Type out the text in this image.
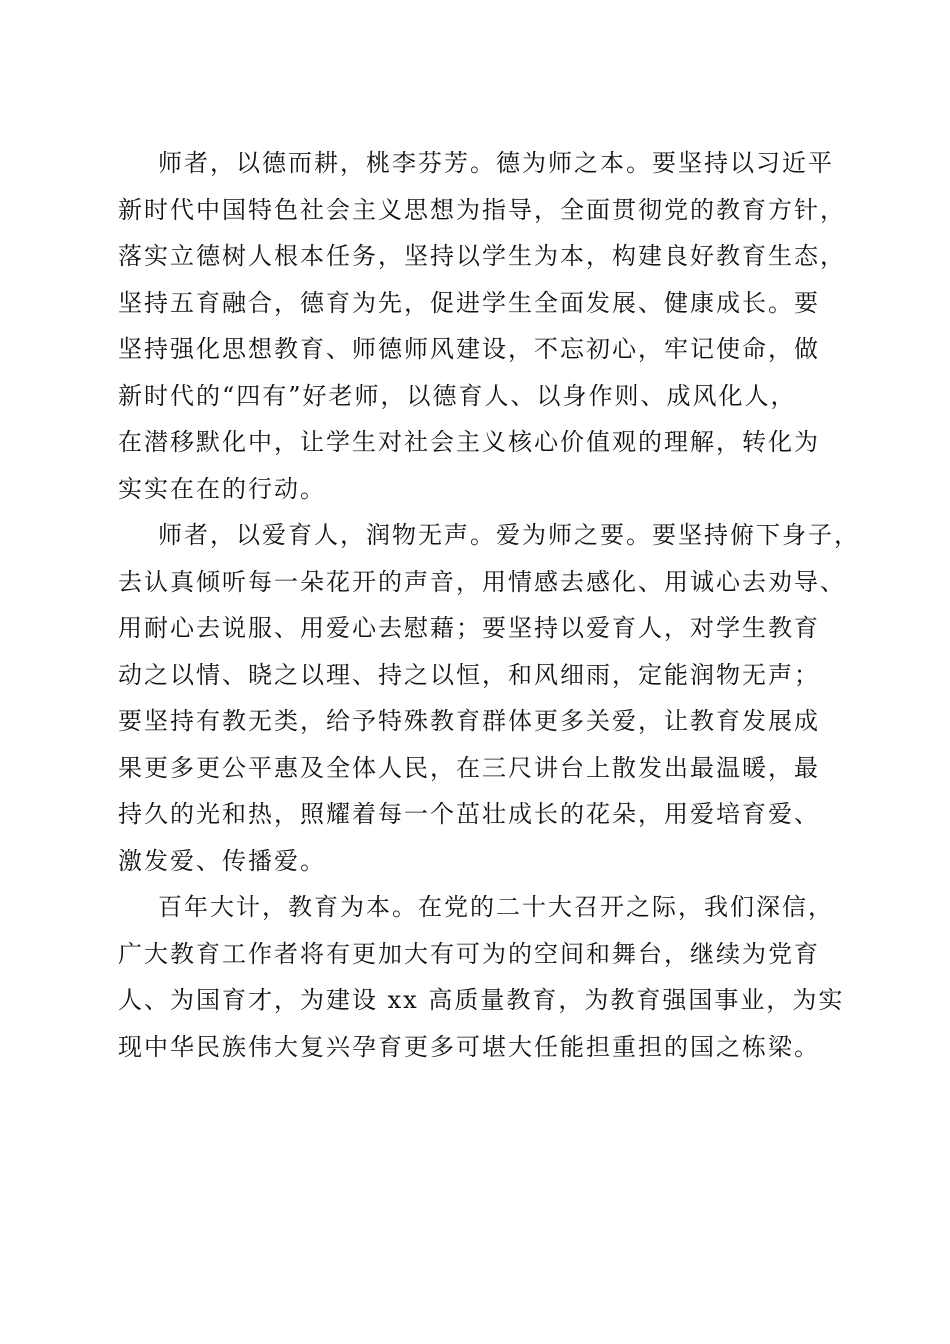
师者，以德而耕，桃李芬芳。德为师之本。要坚持以习近平
新时代中国特色社会主义思想为指导，全面贯彻党的教育方针，
落实立德树人根本任务，坚持以学生为本，构建良好教育生态，
坚持五育融合，德育为先，促进学生全面发展、健康成长。要
坚持强化思想教育、师德师风建设，不忘初心，牢记使命，做
新时代的“四有”好老师，以德育人、以身作则、成风化人，
在潜移默化中，让学生对社会主义核心价值观的理解，转化为
实实在在的行动。
师者，以爱育人，润物无声。爱为师之要。要坚持俯下身子，
去认真倾听每一朵花开的声音，用情感去感化、用诚心去劝导、
用耐心去说服、用爱心去慰藉；要坚持以爱育人，对学生教育
动之以情、晓之以理、持之以恒，和风细雨，定能润物无声；
要坚持有教无类，给予特殊教育群体更多关爱，让教育发展成
果更多更公平惠及全体人民，在三尺讲台上散发出最温暖，最
持久的光和热，照耀着每一个茁壮成长的花朵，用爱培育爱、
激发爱、传播爱。
百年大计，教育为本。在党的二十大召开之际，我们深信，
广大教育工作者将有更加大有可为的空间和舞台，继续为党育
人、为国育才，为建设 xx 高质量教育，为教育强国事业，为实
现中华民族伟大复兴孕育更多可堪大任能担重担的国之栋梁。
